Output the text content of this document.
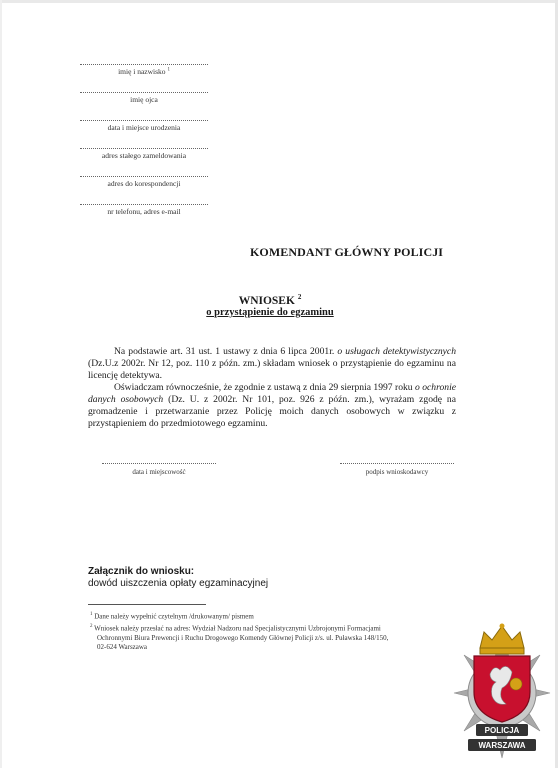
imię i nazwisko $^1$
imię ojca
data i miejsce urodzenia
adres stałego zameldowania
adres do korespondencji
nr telefonu, adres e-mail
KOMENDANT GŁÓWNY POLICJI
WNIOSEK $^2$
o przystąpienie do egzaminu

Na podstawie art. 31 ust. 1 ustawy z dnia 6 lipca 2001r. o usługach detektywistycznych (Dz.U.z 2002r. Nr 12, poz. 110 z późn. zm.) składam wniosek o przystąpienie do egzaminu na licencję detektywa.

Oświadczam równocześnie, że zgodnie z ustawą z dnia 29 sierpnia 1997 roku o ochronie danych osobowych (Dz. U. z 2002r. Nr 101, poz. 926 z późn. zm.), wyrażam zgodę na gromadzenie i przetwarzanie przez Policję moich danych osobowych w związku z przystąpieniem do przedmiotowego egzaminu.

data i miejscowość	podpis wnioskodawcy
Załącznik do wniosku:
dowód uiszczenia opłaty egzaminacyjnej
$^1$ Dane należy wypełnić czytelnym /drukowanym/ pismem
$^2$ Wniosek należy przesłać na adres: Wydział Nadzoru nad Specjalistycznymi Uzbrojonymi Formacjami
Ochronnymi Biura Prewencji i Ruchu Drogowego Komendy Głównej Policji z/s. ul. Puławska 148/150,
02-624 Warszawa
POLICJA
WARSZAWA
